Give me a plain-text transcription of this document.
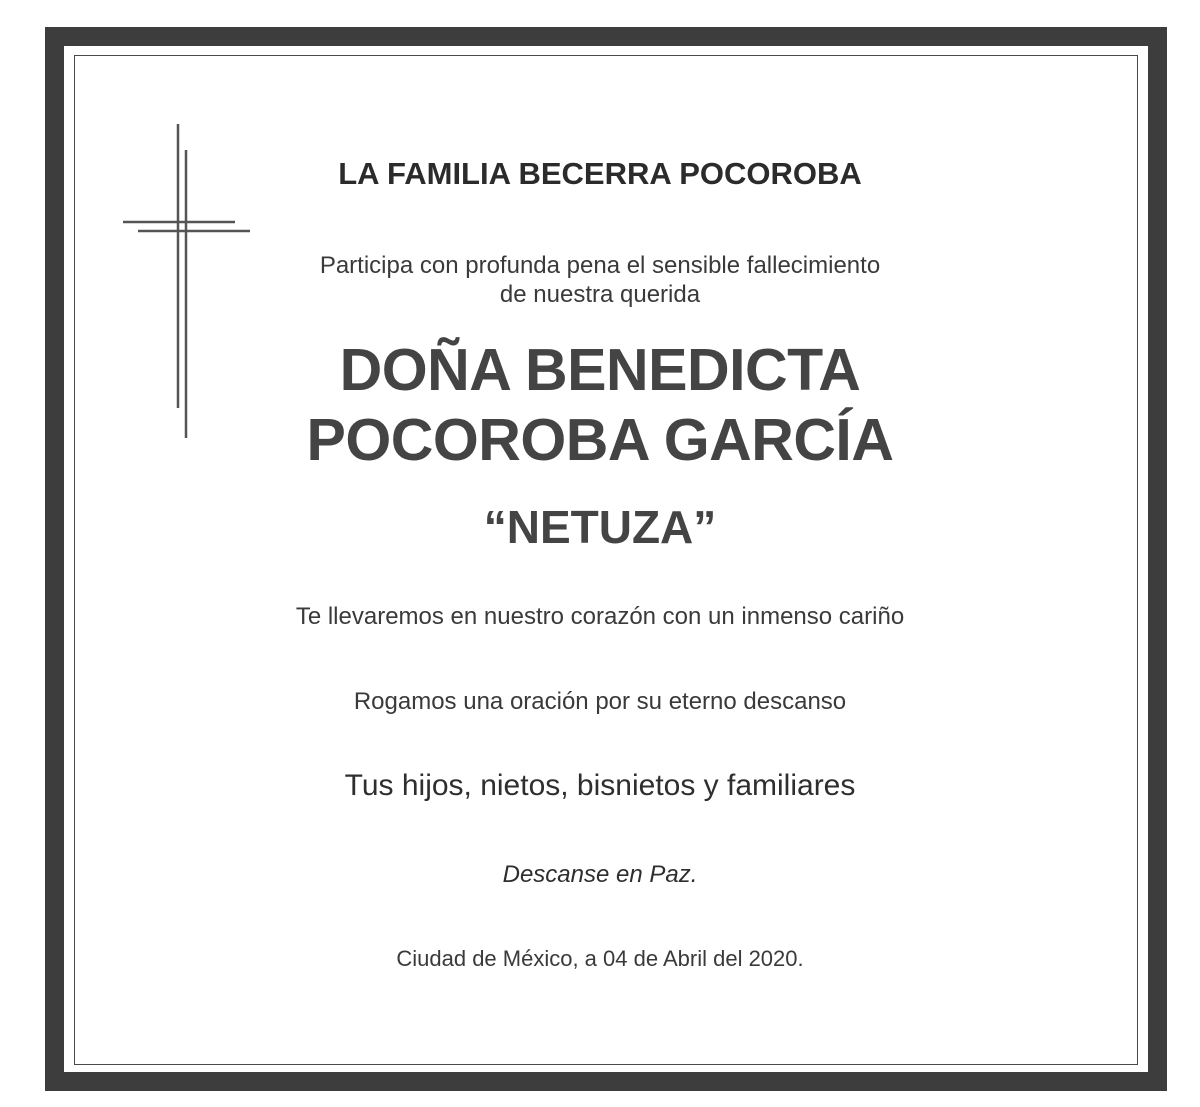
LA FAMILIA BECERRA POCOROBA
Participa con profunda pena el sensible fallecimiento
de nuestra querida
DOÑA BENEDICTA
POCOROBA GARCÍA
“NETUZA”
Te llevaremos en nuestro corazón con un inmenso cariño
Rogamos una oración por su eterno descanso
Tus hijos, nietos, bisnietos y familiares
Descanse en Paz.
Ciudad de México, a 04 de Abril del 2020.
